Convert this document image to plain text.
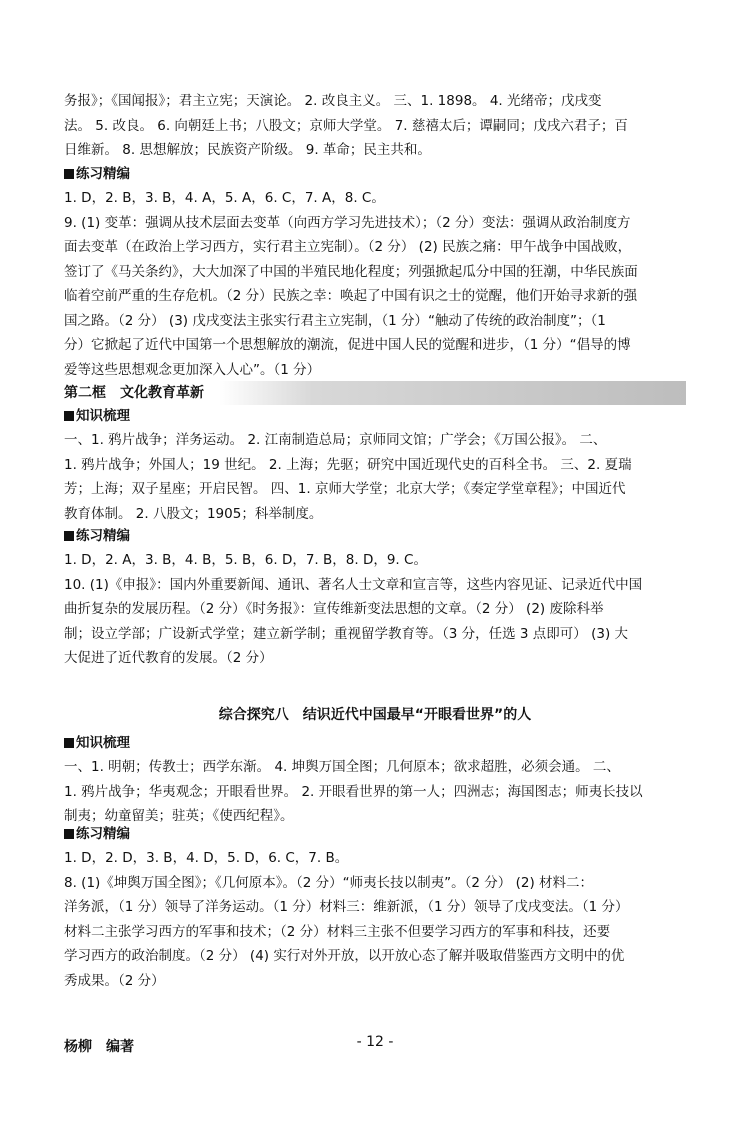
务报》；《国闻报》；君主立宪；天演论。 2. 改良主义。 三、1. 1898。 4. 光绪帝；戊戌变

法。 5. 改良。 6. 向朝廷上书；八股文；京师大学堂。 7. 慈禧太后；谭嗣同；戊戌六君子；百

日维新。 8. 思想解放；民族资产阶级。 9. 革命；民主共和。

练习精编

1. D，2. B，3. B，4. A，5. A，6. C，7. A，8. C。

9. (1) 变革：强调从技术层面去变革（向西方学习先进技术）；（2 分）变法：强调从政治制度方

面去变革（在政治上学习西方，实行君主立宪制）。（2 分） (2) 民族之痛：甲午战争中国战败，

签订了《马关条约》，大大加深了中国的半殖民地化程度；列强掀起瓜分中国的狂潮，中华民族面

临着空前严重的生存危机。（2 分）民族之幸：唤起了中国有识之士的觉醒，他们开始寻求新的强

国之路。（2 分） (3) 戊戌变法主张实行君主立宪制，（1 分）“触动了传统的政治制度”；（1

分）它掀起了近代中国第一个思想解放的潮流，促进中国人民的觉醒和进步，（1 分）“倡导的博

爱等这些思想观念更加深入人心”。（1 分）

第二框　文化教育革新
知识梳理

一、1. 鸦片战争；洋务运动。 2. 江南制造总局；京师同文馆；广学会；《万国公报》。 二、

1. 鸦片战争；外国人；19 世纪。 2. 上海；先驱；研究中国近现代史的百科全书。 三、2. 夏瑞

芳；上海；双子星座；开启民智。 四、1. 京师大学堂；北京大学；《奏定学堂章程》；中国近代

教育体制。 2. 八股文；1905；科举制度。

练习精编

1. D，2. A，3. B，4. B，5. B，6. D，7. B，8. D，9. C。

10. (1)《申报》：国内外重要新闻、通讯、著名人士文章和宣言等，这些内容见证、记录近代中国

曲折复杂的发展历程。（2 分）《时务报》：宣传维新变法思想的文章。（2 分） (2) 废除科举

制；设立学部；广设新式学堂；建立新学制；重视留学教育等。（3 分，任选 3 点即可） (3) 大

大促进了近代教育的发展。（2 分）

综合探究八　结识近代中国最早“开眼看世界”的人
知识梳理

一、1. 明朝；传教士；西学东渐。 4. 坤舆万国全图；几何原本；欲求超胜，必须会通。 二、

1. 鸦片战争；华夷观念；开眼看世界。 2. 开眼看世界的第一人；四洲志；海国图志；师夷长技以

制夷；幼童留美；驻英；《使西纪程》。

练习精编

1. D，2. D，3. B，4. D，5. D，6. C，7. B。

8. (1)《坤舆万国全图》；《几何原本》。（2 分）“师夷长技以制夷”。（2 分） (2) 材料二：

洋务派，（1 分）领导了洋务运动。（1 分）材料三：维新派，（1 分）领导了戊戌变法。（1 分）

材料二主张学习西方的军事和技术；（2 分）材料三主张不但要学习西方的军事和科技，还要

学习西方的政治制度。（2 分） (4) 实行对外开放，以开放心态了解并吸取借鉴西方文明中的优

秀成果。（2 分）

杨柳　编著	- 12 -
